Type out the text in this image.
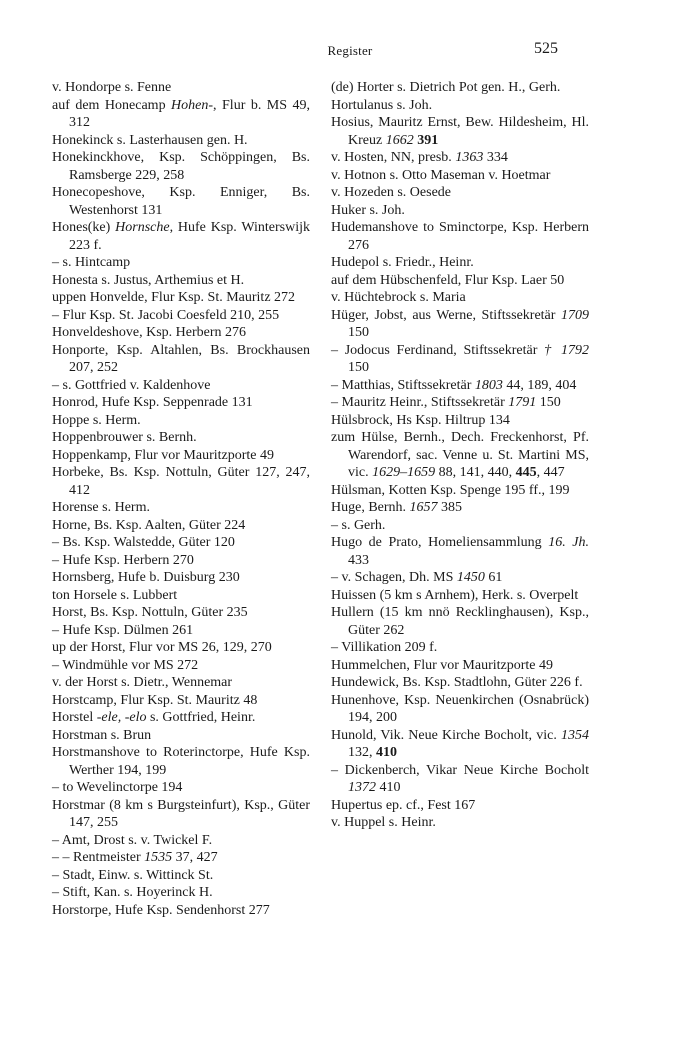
Register	525
v. Hondorpe s. Fenne
auf dem Honecamp Hohen-, Flur b. MS 49, 312
Honekinck s. Lasterhausen gen. H.
Honekinckhove, Ksp. Schöppingen, Bs. Ramsberge 229, 258
Honecopeshove, Ksp. Enniger, Bs. Westenhorst 131
Hones(ke) Hornsche, Hufe Ksp. Winterswijk 223 f.
– s. Hintcamp
Honesta s. Justus, Arthemius et H.
uppen Honvelde, Flur Ksp. St. Mauritz 272
– Flur Ksp. St. Jacobi Coesfeld 210, 255
Honveldeshove, Ksp. Herbern 276
Honporte, Ksp. Altahlen, Bs. Brockhausen 207, 252
– s. Gottfried v. Kaldenhove
Honrod, Hufe Ksp. Seppenrade 131
Hoppe s. Herm.
Hoppenbrouwer s. Bernh.
Hoppenkamp, Flur vor Mauritzporte 49
Horbeke, Bs. Ksp. Nottuln, Güter 127, 247, 412
Horense s. Herm.
Horne, Bs. Ksp. Aalten, Güter 224
– Bs. Ksp. Walstedde, Güter 120
– Hufe Ksp. Herbern 270
Hornsberg, Hufe b. Duisburg 230
ton Horsele s. Lubbert
Horst, Bs. Ksp. Nottuln, Güter 235
– Hufe Ksp. Dülmen 261
up der Horst, Flur vor MS 26, 129, 270
– Windmühle vor MS 272
v. der Horst s. Dietr., Wennemar
Horstcamp, Flur Ksp. St. Mauritz 48
Horstel -ele, -elo s. Gottfried, Heinr.
Horstman s. Brun
Horstmanshove to Roterinctorpe, Hufe Ksp. Werther 194, 199
– to Wevelinctorpe 194
Horstmar (8 km s Burgsteinfurt), Ksp., Güter 147, 255
– Amt, Drost s. v. Twickel F.
– – Rentmeister 1535 37, 427
– Stadt, Einw. s. Wittinck St.
– Stift, Kan. s. Hoyerinck H.
Horstorpe, Hufe Ksp. Sendenhorst 277
(de) Horter s. Dietrich Pot gen. H., Gerh.
Hortulanus s. Joh.
Hosius, Mauritz Ernst, Bew. Hildesheim, Hl. Kreuz 1662 391
v. Hosten, NN, presb. 1363 334
v. Hotnon s. Otto Maseman v. Hoetmar
v. Hozeden s. Oesede
Huker s. Joh.
Hudemanshove to Sminctorpe, Ksp. Herbern 276
Hudepol s. Friedr., Heinr.
auf dem Hübschenfeld, Flur Ksp. Laer 50
v. Hüchtebrock s. Maria
Hüger, Jobst, aus Werne, Stiftssekretär 1709 150
– Jodocus Ferdinand, Stiftssekretär † 1792 150
– Matthias, Stiftssekretär 1803 44, 189, 404
– Mauritz Heinr., Stiftssekretär 1791 150
Hülsbrock, Hs Ksp. Hiltrup 134
zum Hülse, Bernh., Dech. Freckenhorst, Pf. Warendorf, sac. Venne u. St. Martini MS, vic. 1629–1659 88, 141, 440, 445, 447
Hülsman, Kotten Ksp. Spenge 195 ff., 199
Huge, Bernh. 1657 385
– s. Gerh.
Hugo de Prato, Homeliensammlung 16. Jh. 433
– v. Schagen, Dh. MS 1450 61
Huissen (5 km s Arnhem), Herk. s. Overpelt
Hullern (15 km nnö Recklinghausen), Ksp., Güter 262
– Villikation 209 f.
Hummelchen, Flur vor Mauritzporte 49
Hundewick, Bs. Ksp. Stadtlohn, Güter 226 f.
Hunenhove, Ksp. Neuenkirchen (Osnabrück) 194, 200
Hunold, Vik. Neue Kirche Bocholt, vic. 1354 132, 410
– Dickenberch, Vikar Neue Kirche Bocholt 1372 410
Hupertus ep. cf., Fest 167
v. Huppel s. Heinr.
